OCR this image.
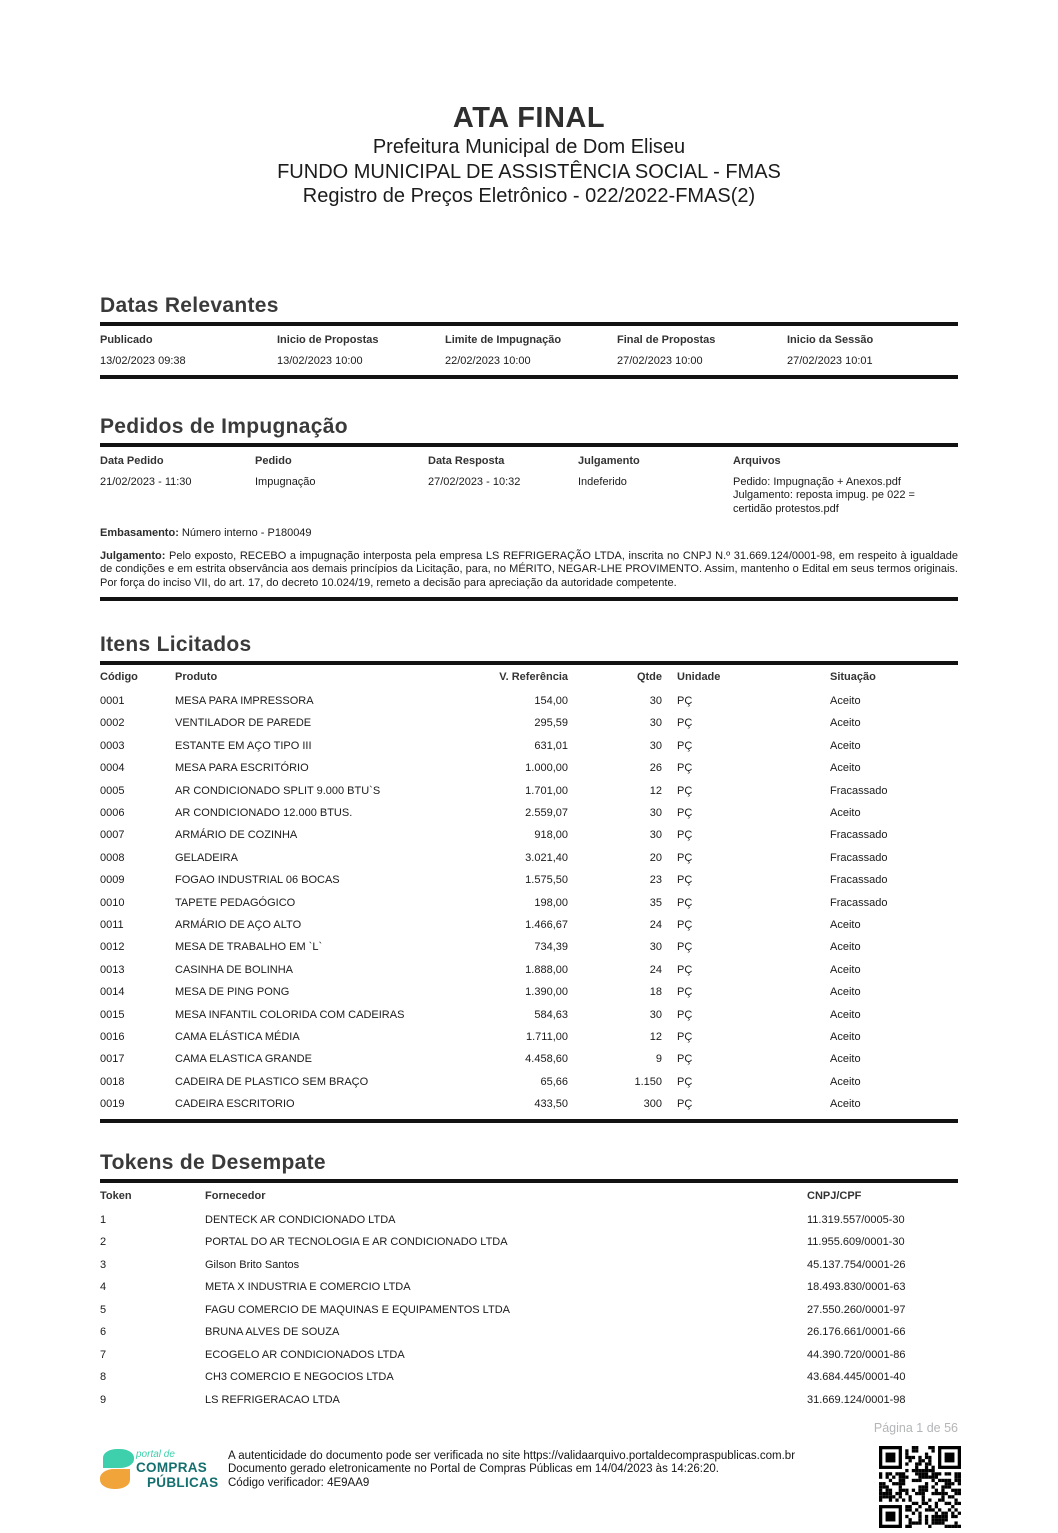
ATA FINAL
Prefeitura Municipal de Dom Eliseu
FUNDO MUNICIPAL DE ASSISTÊNCIA SOCIAL - FMAS
Registro de Preços Eletrônico - 022/2022-FMAS(2)
Datas Relevantes
Publicado	Inicio de Propostas	Limite de Impugnação	Final de Propostas	Inicio da Sessão
13/02/2023 09:38	13/02/2023 10:00	22/02/2023 10:00	27/02/2023 10:00	27/02/2023 10:01
Pedidos de Impugnação
Data Pedido	Pedido	Data Resposta	Julgamento	Arquivos
21/02/2023 - 11:30	Impugnação	27/02/2023 - 10:32	Indeferido	Pedido: Impugnação + Anexos.pdf
Julgamento: reposta impug. pe 022 = certidão protestos.pdf

Embasamento: Número interno - P180049

Julgamento: Pelo exposto, RECEBO a impugnação interposta pela empresa LS REFRIGERAÇÃO LTDA, inscrita no CNPJ N.º 31.669.124/0001-98, em respeito à igualdade de condições e em estrita observância aos demais princípios da Licitação, para, no MÉRITO, NEGAR-LHE PROVIMENTO. Assim, mantenho o Edital em seus termos originais. Por força do inciso VII, do art. 17, do decreto 10.024/19, remeto a decisão para apreciação da autoridade competente.

Itens Licitados
Código	Produto	V. Referência	Qtde	Unidade	Situação
0001	MESA PARA IMPRESSORA	154,00	30	PÇ	Aceito
0002	VENTILADOR DE PAREDE	295,59	30	PÇ	Aceito
0003	ESTANTE EM AÇO TIPO III	631,01	30	PÇ	Aceito
0004	MESA PARA ESCRITÓRIO	1.000,00	26	PÇ	Aceito
0005	AR CONDICIONADO SPLIT 9.000 BTU`S	1.701,00	12	PÇ	Fracassado
0006	AR CONDICIONADO 12.000 BTUS.	2.559,07	30	PÇ	Aceito
0007	ARMÁRIO DE COZINHA	918,00	30	PÇ	Fracassado
0008	GELADEIRA	3.021,40	20	PÇ	Fracassado
0009	FOGAO INDUSTRIAL 06 BOCAS	1.575,50	23	PÇ	Fracassado
0010	TAPETE PEDAGÓGICO	198,00	35	PÇ	Fracassado
0011	ARMÁRIO DE AÇO ALTO	1.466,67	24	PÇ	Aceito
0012	MESA DE TRABALHO EM `L`	734,39	30	PÇ	Aceito
0013	CASINHA DE BOLINHA	1.888,00	24	PÇ	Aceito
0014	MESA DE PING PONG	1.390,00	18	PÇ	Aceito
0015	MESA INFANTIL COLORIDA COM CADEIRAS	584,63	30	PÇ	Aceito
0016	CAMA ELÁSTICA MÉDIA	1.711,00	12	PÇ	Aceito
0017	CAMA ELASTICA GRANDE	4.458,60	9	PÇ	Aceito
0018	CADEIRA DE PLASTICO SEM BRAÇO	65,66	1.150	PÇ	Aceito
0019	CADEIRA ESCRITORIO	433,50	300	PÇ	Aceito
Tokens de Desempate
Token	Fornecedor	CNPJ/CPF
1	DENTECK AR CONDICIONADO LTDA	11.319.557/0005-30
2	PORTAL DO AR TECNOLOGIA E AR CONDICIONADO LTDA	11.955.609/0001-30
3	Gilson Brito Santos	45.137.754/0001-26
4	META X INDUSTRIA E COMERCIO LTDA	18.493.830/0001-63
5	FAGU COMERCIO DE MAQUINAS E EQUIPAMENTOS LTDA	27.550.260/0001-97
6	BRUNA ALVES DE SOUZA	26.176.661/0001-66
7	ECOGELO AR CONDICIONADOS LTDA	44.390.720/0001-86
8	CH3 COMERCIO E NEGOCIOS LTDA	43.684.445/0001-40
9	LS REFRIGERACAO LTDA	31.669.124/0001-98
Página 1 de 56
portal de
COMPRAS
PÚBLICAS
A autenticidade do documento pode ser verificada no site https://validaarquivo.portaldecompraspublicas.com.br
Documento gerado eletronicamente no Portal de Compras Públicas em 14/04/2023 às 14:26:20.
Código verificador: 4E9AA9
